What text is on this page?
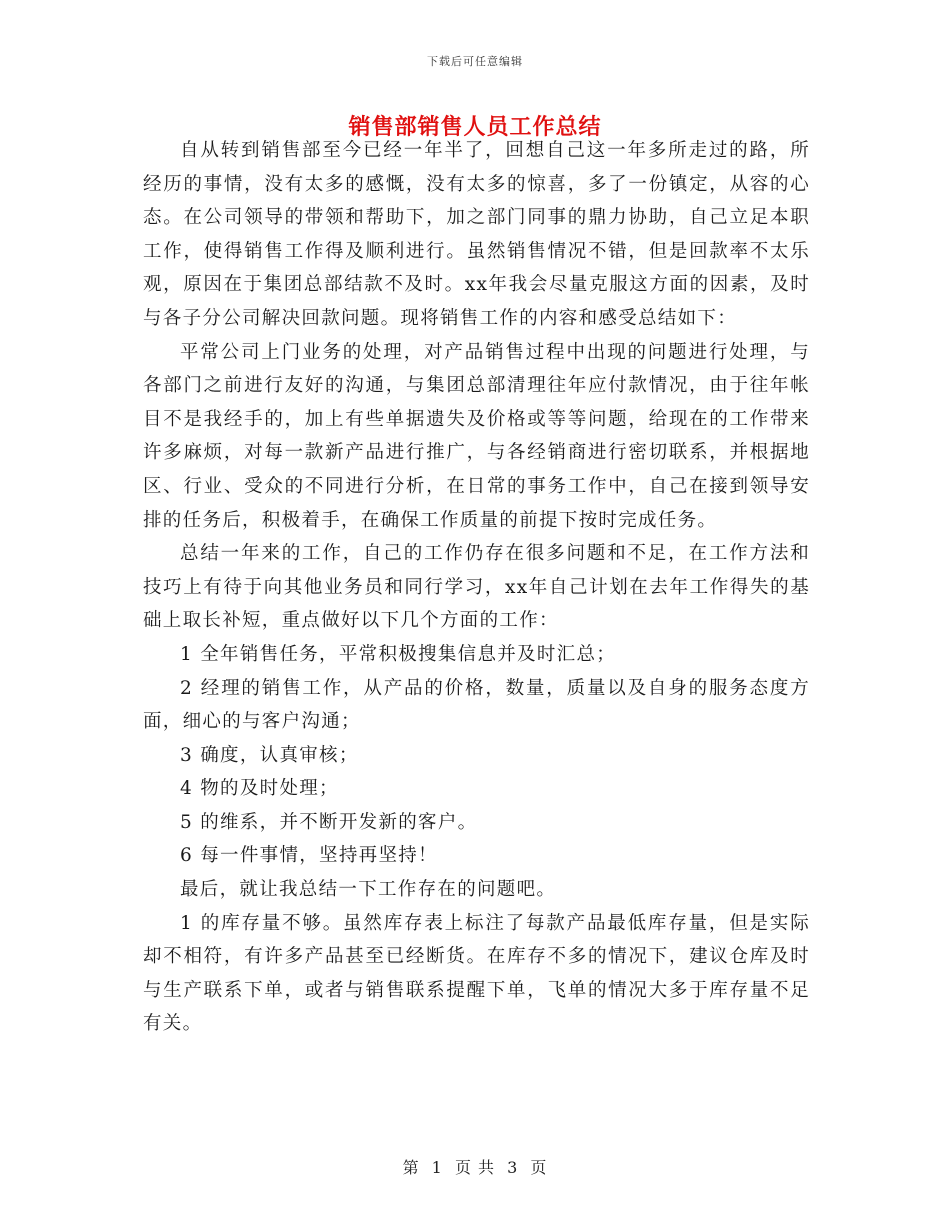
下载后可任意编辑
销售部销售人员工作总结

自从转到销售部至今已经一年半了，回想自己这一年多所走过的路，所经历的事情，没有太多的感慨，没有太多的惊喜，多了一份镇定，从容的心态。在公司领导的带领和帮助下，加之部门同事的鼎力协助，自己立足本职工作，使得销售工作得及顺利进行。虽然销售情况不错，但是回款率不太乐观，原因在于集团总部结款不及时。xx年我会尽量克服这方面的因素，及时与各子分公司解决回款问题。现将销售工作的内容和感受总结如下：

平常公司上门业务的处理，对产品销售过程中出现的问题进行处理，与各部门之前进行友好的沟通，与集团总部清理往年应付款情况，由于往年帐目不是我经手的，加上有些单据遗失及价格或等等问题，给现在的工作带来许多麻烦，对每一款新产品进行推广，与各经销商进行密切联系，并根据地区、行业、受众的不同进行分析，在日常的事务工作中，自己在接到领导安排的任务后，积极着手，在确保工作质量的前提下按时完成任务。

总结一年来的工作，自己的工作仍存在很多问题和不足，在工作方法和技巧上有待于向其他业务员和同行学习，xx年自己计划在去年工作得失的基础上取长补短，重点做好以下几个方面的工作：

1 全年销售任务，平常积极搜集信息并及时汇总；

2 经理的销售工作，从产品的价格，数量，质量以及自身的服务态度方面，细心的与客户沟通；

3 确度，认真审核；

4 物的及时处理；

5 的维系，并不断开发新的客户。

6 每一件事情，坚持再坚持！

最后，就让我总结一下工作存在的问题吧。

1 的库存量不够。虽然库存表上标注了每款产品最低库存量，但是实际却不相符，有许多产品甚至已经断货。在库存不多的情况下，建议仓库及时与生产联系下单，或者与销售联系提醒下单，飞单的情况大多于库存量不足有关。

第 1 页 共 3 页
